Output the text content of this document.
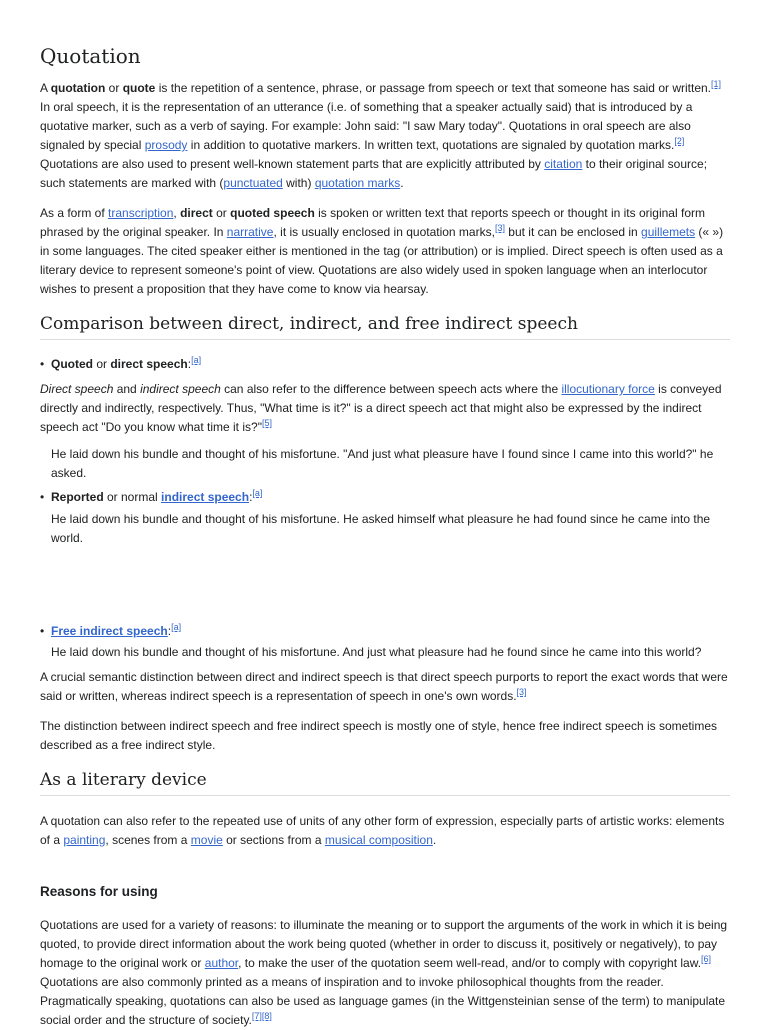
Quotation

A quotation or quote is the repetition of a sentence, phrase, or passage from speech or text that someone has said or written.[1] In oral speech, it is the representation of an utterance (i.e. of something that a speaker actually said) that is introduced by a quotative marker, such as a verb of saying. For example: John said: "I saw Mary today". Quotations in oral speech are also signaled by special prosody in addition to quotative markers. In written text, quotations are signaled by quotation marks.[2] Quotations are also used to present well-known statement parts that are explicitly attributed by citation to their original source; such statements are marked with (punctuated with) quotation marks.

As a form of transcription, direct or quoted speech is spoken or written text that reports speech or thought in its original form phrased by the original speaker. In narrative, it is usually enclosed in quotation marks,[3] but it can be enclosed in guillemets (« ») in some languages. The cited speaker either is mentioned in the tag (or attribution) or is implied. Direct speech is often used as a literary device to represent someone's point of view. Quotations are also widely used in spoken language when an interlocutor wishes to present a proposition that they have come to know via hearsay.

Comparison between direct, indirect, and free indirect speech
• Quoted or direct speech:[a]

Direct speech and indirect speech can also refer to the difference between speech acts where the illocutionary force is conveyed directly and indirectly, respectively. Thus, "What time is it?" is a direct speech act that might also be expressed by the indirect speech act "Do you know what time it is?"[5]

He laid down his bundle and thought of his misfortune. "And just what pleasure have I found since I came into this world?" he asked.

• Reported or normal indirect speech:[a]

He laid down his bundle and thought of his misfortune. He asked himself what pleasure he had found since he came into the world.

• Free indirect speech:[a]

He laid down his bundle and thought of his misfortune. And just what pleasure had he found since he came into this world?

A crucial semantic distinction between direct and indirect speech is that direct speech purports to report the exact words that were said or written, whereas indirect speech is a representation of speech in one's own words.[3]

The distinction between indirect speech and free indirect speech is mostly one of style, hence free indirect speech is sometimes described as a free indirect style.

As a literary device

A quotation can also refer to the repeated use of units of any other form of expression, especially parts of artistic works: elements of a painting, scenes from a movie or sections from a musical composition.

Reasons for using

Quotations are used for a variety of reasons: to illuminate the meaning or to support the arguments of the work in which it is being quoted, to provide direct information about the work being quoted (whether in order to discuss it, positively or negatively), to pay homage to the original work or author, to make the user of the quotation seem well-read, and/or to comply with copyright law.[6] Quotations are also commonly printed as a means of inspiration and to invoke philosophical thoughts from the reader. Pragmatically speaking, quotations can also be used as language games (in the Wittgensteinian sense of the term) to manipulate social order and the structure of society.[7][8]
